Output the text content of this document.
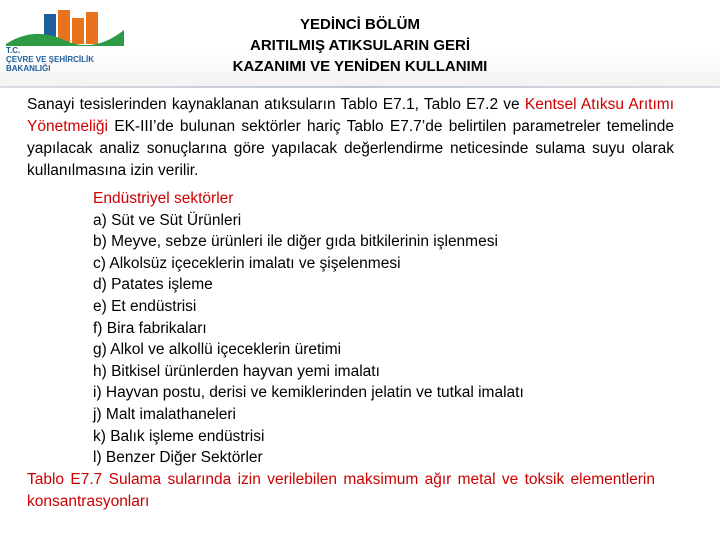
T.C.
ÇEVRE VE ŞEHİRCİLİK
BAKANLIĞI
YEDİNCİ BÖLÜM
ARITILMIŞ ATIKSULARIN GERİ
KAZANIMI VE YENİDEN KULLANIMI
Sanayi tesislerinden kaynaklanan atıksuların Tablo E7.1, Tablo E7.2 ve Kentsel Atıksu Arıtımı Yönetmeliği EK-III’de bulunan sektörler hariç Tablo E7.7’de belirtilen parametreler temelinde yapılacak analiz sonuçlarına göre yapılacak değerlendirme neticesinde sulama suyu olarak kullanılmasına izin verilir.
Endüstriyel sektörler
a) Süt ve Süt Ürünleri
b) Meyve, sebze ürünleri ile diğer gıda bitkilerinin işlenmesi
c) Alkolsüz içeceklerin imalatı ve şişelenmesi
d) Patates işleme
e) Et endüstrisi
f) Bira fabrikaları
g) Alkol ve alkollü içeceklerin üretimi
h) Bitkisel ürünlerden hayvan yemi imalatı
i) Hayvan postu, derisi ve kemiklerinden jelatin ve tutkal imalatı
j) Malt imalathaneleri
k) Balık işleme endüstrisi
l) Benzer Diğer Sektörler
Tablo E7.7 Sulama sularında izin verilebilen maksimum ağır metal ve toksik elementlerin konsantrasyonları
